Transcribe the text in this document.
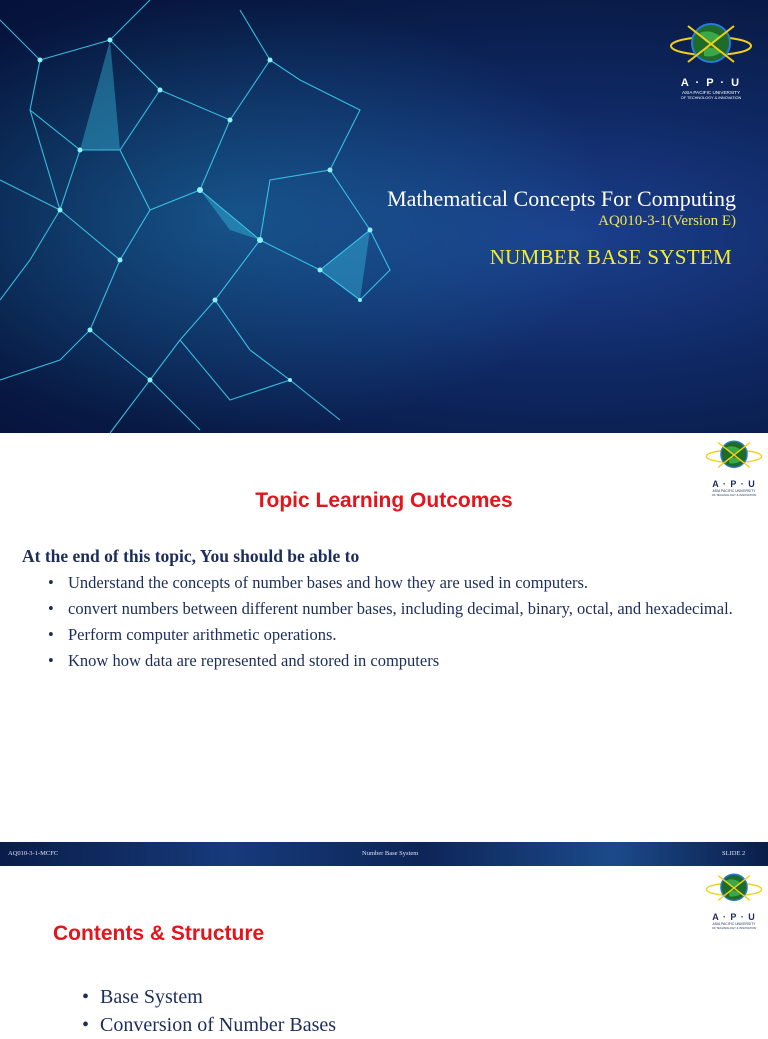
A · P · U
ASIA PACIFIC UNIVERSITY
OF TECHNOLOGY & INNOVATION
Mathematical Concepts For Computing
AQ010-3-1(Version E)
NUMBER BASE SYSTEM
A · P · U
ASIA PACIFIC UNIVERSITY
OF TECHNOLOGY & INNOVATION
Topic Learning Outcomes
At the end of this topic, You should be able to
• Understand the concepts of number bases and how they are used in computers.
• convert numbers between different number bases, including decimal, binary, octal, and hexadecimal.
• Perform computer arithmetic operations.
• Know how data are represented and stored in computers
AQ010-3-1-MCFC	Number Base System	SLIDE 2
A · P · U
ASIA PACIFIC UNIVERSITY
OF TECHNOLOGY & INNOVATION
Contents & Structure
• Base System
• Conversion of Number Bases
